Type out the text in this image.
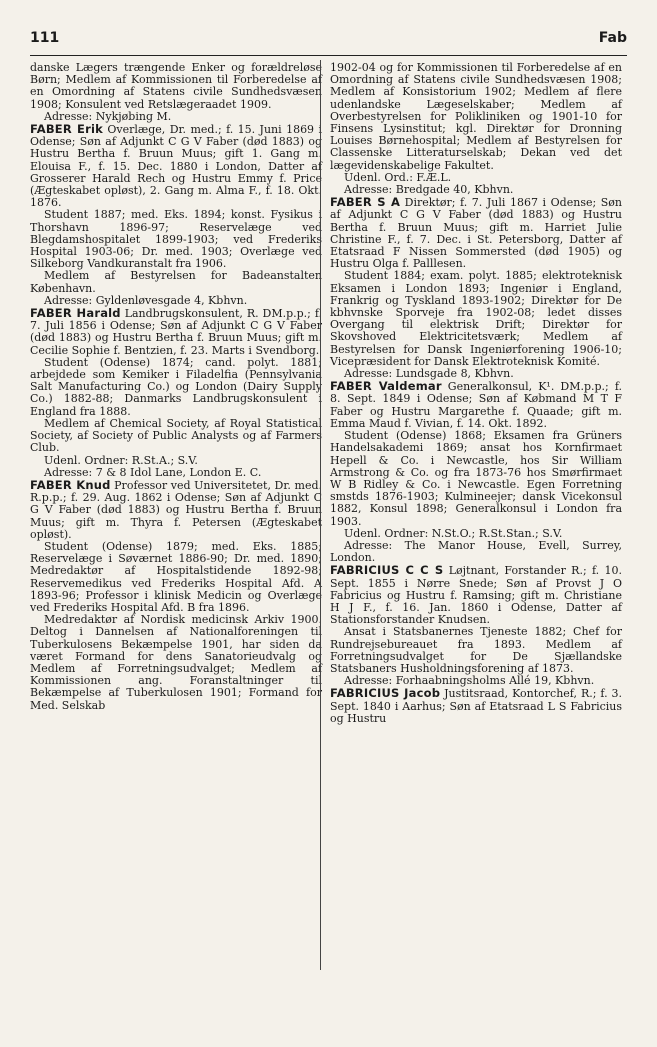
111	Fab

danske Lægers trængende Enker og forældreløse Børn; Medlem af Kommissionen til Forberedelse af en Omordning af Statens civile Sundhedsvæsen 1908; Konsulent ved Retslægeraadet 1909.

Adresse: Nykjøbing M.

FABER Erik Overlæge, Dr. med.; f. 15. Juni 1869 i Odense; Søn af Adjunkt C G V Faber (død 1883) og Hustru Bertha f. Bruun Muus; gift 1. Gang m. Elouisa F., f. 15. Dec. 1880 i London, Datter af Grosserer Harald Rech og Hustru Emmy f. Price (Ægteskabet opløst), 2. Gang m. Alma F., f. 18. Okt. 1876.

Student 1887; med. Eks. 1894; konst. Fysikus i Thorshavn 1896-97; Reservelæge ved Blegdamshospitalet 1899-1903; ved Frederiks Hospital 1903-06; Dr. med. 1903; Overlæge ved Silkeborg Vandkuranstalt fra 1906.

Medlem af Bestyrelsen for Badeanstalten København.

Adresse: Gyldenløvesgade 4, Kbhvn.

FABER Harald Landbrugskonsulent, R. DM.p.p.; f. 7. Juli 1856 i Odense; Søn af Adjunkt C G V Faber (død 1883) og Hustru Bertha f. Bruun Muus; gift m. Cecilie Sophie f. Bentzien, f. 23. Marts i Svendborg.

Student (Odense) 1874; cand. polyt. 1881; arbejdede som Kemiker i Filadelfia (Pennsylvania Salt Manufacturing Co.) og London (Dairy Supply Co.) 1882-88; Danmarks Landbrugskonsulent i England fra 1888.

Medlem af Chemical Society, af Royal Statistical Society, af Society of Public Analysts og af Farmers Club.

Udenl. Ordner: R.St.A.; S.V.

Adresse: 7 & 8 Idol Lane, London E. C.

FABER Knud Professor ved Universitetet, Dr. med. R.p.p.; f. 29. Aug. 1862 i Odense; Søn af Adjunkt C G V Faber (død 1883) og Hustru Bertha f. Bruun Muus; gift m. Thyra f. Petersen (Ægteskabet opløst).

Student (Odense) 1879; med. Eks. 1885; Reservelæge i Søværnet 1886-90; Dr. med. 1890; Medredaktør af Hospitalstidende 1892-98; Reservemedikus ved Frederiks Hospital Afd. A 1893-96; Professor i klinisk Medicin og Overlæge ved Frederiks Hospital Afd. B fra 1896.

Medredaktør af Nordisk medicinsk Arkiv 1900. Deltog i Dannelsen af Nationalforeningen til Tuberkulosens Bekæmpelse 1901, har siden da været Formand for dens Sanatorieudvalg og Medlem af Forretningsudvalget; Medlem af Kommissionen ang. Foranstaltninger til Bekæmpelse af Tuberkulosen 1901; Formand for Med. Selskab

1902-04 og for Kommissionen til Forberedelse af en Omordning af Statens civile Sundhedsvæsen 1908; Medlem af Konsistorium 1902; Medlem af flere udenlandske Lægeselskaber; Medlem af Overbestyrelsen for Polikliniken og 1901-10 for Finsens Lysinstitut; kgl. Direktør for Dronning Louises Børnehospital; Medlem af Bestyrelsen for Classenske Litteraturselskab; Dekan ved det lægevidenskabelige Fakultet.

Udenl. Ord.: F.Æ.L.

Adresse: Bredgade 40, Kbhvn.

FABER S A Direktør; f. 7. Juli 1867 i Odense; Søn af Adjunkt C G V Faber (død 1883) og Hustru Bertha f. Bruun Muus; gift m. Harriet Julie Christine F., f. 7. Dec. i St. Petersborg, Datter af Etatsraad F Nissen Sommersted (død 1905) og Hustru Olga f. Palllesen.

Student 1884; exam. polyt. 1885; elektroteknisk Eksamen i London 1893; Ingeniør i England, Frankrig og Tyskland 1893-1902; Direktør for De kbhvnske Sporveje fra 1902-08; ledet disses Overgang til elektrisk Drift; Direktør for Skovshoved Elektricitetsværk; Medlem af Bestyrelsen for Dansk Ingeniørforening 1906-10; Vicepræsident for Dansk Elektroteknisk Komité.

Adresse: Lundsgade 8, Kbhvn.

FABER Valdemar Generalkonsul, K¹. DM.p.p.; f. 8. Sept. 1849 i Odense; Søn af Købmand M T F Faber og Hustru Margarethe f. Quaade; gift m. Emma Maud f. Vivian, f. 14. Okt. 1892.

Student (Odense) 1868; Eksamen fra Grüners Handelsakademi 1869; ansat hos Kornfirmaet Hepell & Co. i Newcastle, hos Sir William Armstrong & Co. og fra 1873-76 hos Smørfirmaet W B Ridley & Co. i Newcastle. Egen Forretning smstds 1876-1903; Kulmineejer; dansk Vicekonsul 1882, Konsul 1898; Generalkonsul i London fra 1903.

Udenl. Ordner: N.St.O.; R.St.Stan.; S.V.

Adresse: The Manor House, Evell, Surrey, London.

FABRICIUS C C S Løjtnant, Forstander R.; f. 10. Sept. 1855 i Nørre Snede; Søn af Provst J O Fabricius og Hustru f. Ramsing; gift m. Christiane H J F., f. 16. Jan. 1860 i Odense, Datter af Stationsforstander Knudsen.

Ansat i Statsbanernes Tjeneste 1882; Chef for Rundrejsebureauet fra 1893. Medlem af Forretningsudvalget for De Sjællandske Statsbaners Husholdningsforening af 1873.

Adresse: Forhaabningsholms Allé 19, Kbhvn.

FABRICIUS Jacob Justitsraad, Kontorchef, R.; f. 3. Sept. 1840 i Aarhus; Søn af Etatsraad L S Fabricius og Hustru
